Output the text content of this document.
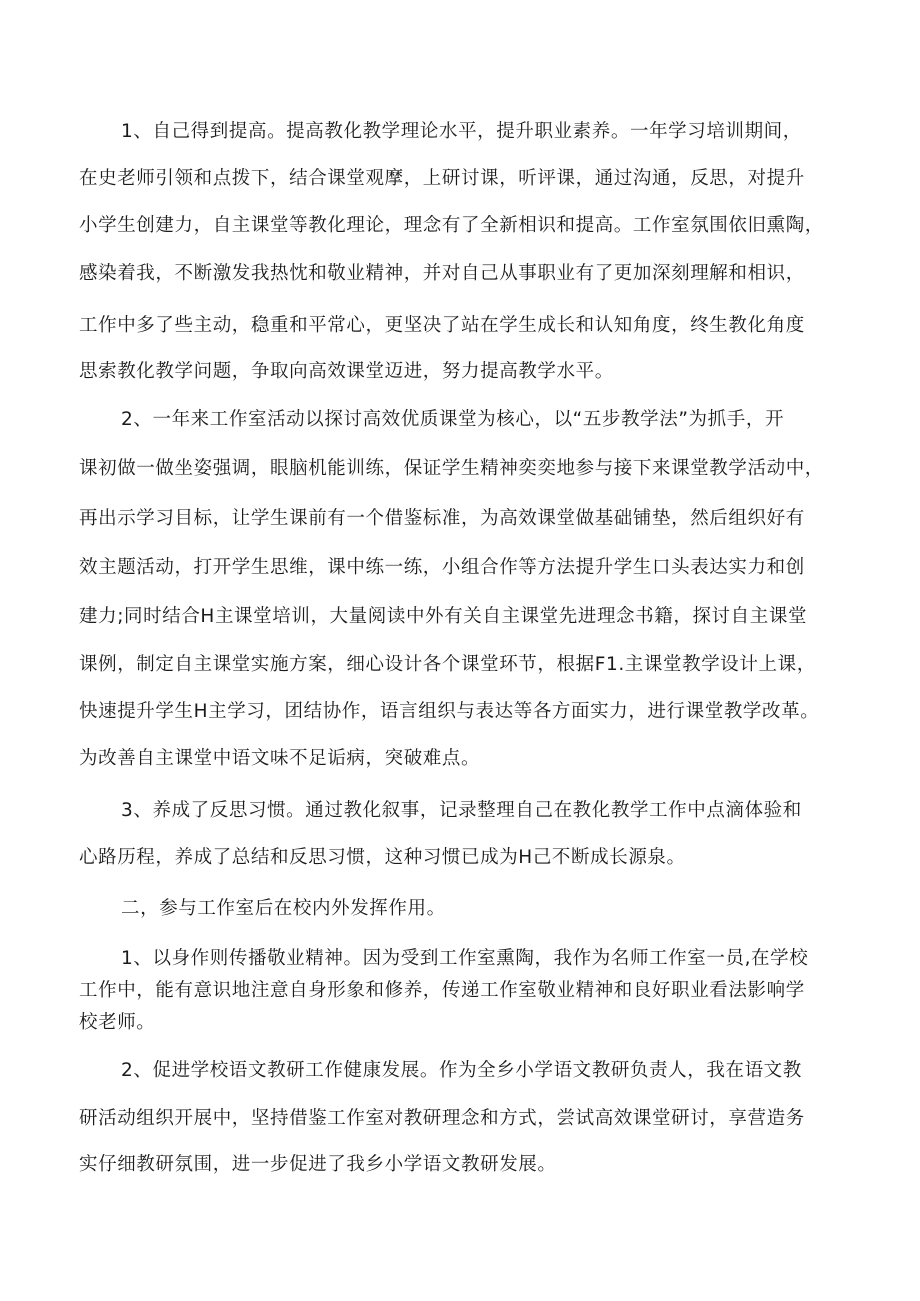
1、自己得到提高。提高教化教学理论水平，提升职业素养。一年学习培训期间，
在史老师引领和点拨下，结合课堂观摩，上研讨课，听评课，通过沟通，反思，对提升
小学生创建力，自主课堂等教化理论，理念有了全新相识和提高。工作室氛围依旧熏陶，
感染着我，不断激发我热忱和敬业精神，并对自己从事职业有了更加深刻理解和相识，
工作中多了些主动，稳重和平常心，更坚决了站在学生成长和认知角度，终生教化角度
思索教化教学问题，争取向高效课堂迈进，努力提高教学水平。
2、一年来工作室活动以探讨高效优质课堂为核心，以“五步教学法”为抓手，开
课初做一做坐姿强调，眼脑机能训练，保证学生精神奕奕地参与接下来课堂教学活动中，
再出示学习目标，让学生课前有一个借鉴标准，为高效课堂做基础铺垫，然后组织好有
效主题活动，打开学生思维，课中练一练，小组合作等方法提升学生口头表达实力和创
建力;同时结合H主课堂培训，大量阅读中外有关自主课堂先进理念书籍，探讨自主课堂
课例，制定自主课堂实施方案，细心设计各个课堂环节，根据F1.主课堂教学设计上课，
快速提升学生H主学习，团结协作，语言组织与表达等各方面实力，进行课堂教学改革。
为改善自主课堂中语文味不足诟病，突破难点。
3、养成了反思习惯。通过教化叙事，记录整理自己在教化教学工作中点滴体验和
心路历程，养成了总结和反思习惯，这种习惯已成为H己不断成长源泉。
二，参与工作室后在校内外发挥作用。
1、以身作则传播敬业精神。因为受到工作室熏陶，我作为名师工作室一员,在学校
工作中，能有意识地注意自身形象和修养，传递工作室敬业精神和良好职业看法影响学
校老师。
2、促进学校语文教研工作健康发展。作为全乡小学语文教研负责人，我在语文教
研活动组织开展中，坚持借鉴工作室对教研理念和方式，尝试高效课堂研讨，享营造务
实仔细教研氛围，进一步促进了我乡小学语文教研发展。
